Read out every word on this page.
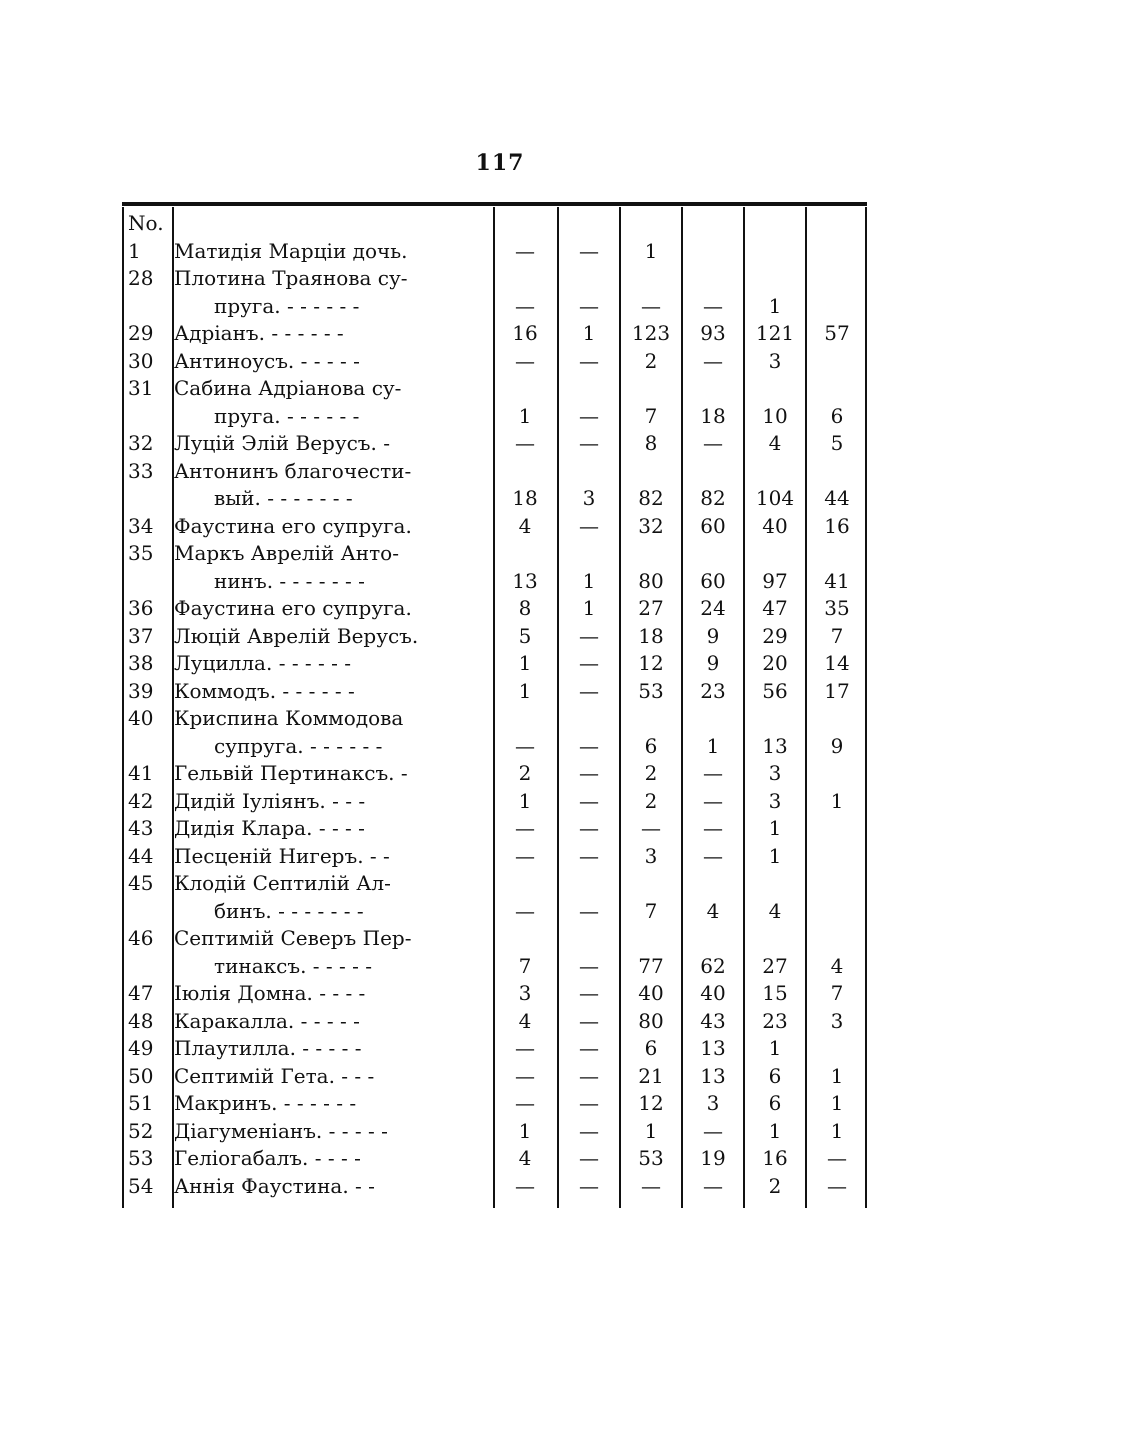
117
No.
1	Матидія Марціи дочь.	—	—	1
28	Плотина Траянова су-
пруга. - - - - - -	—	—	—	—	1
29	Адріанъ. - - - - - -	16	1	123	93	121	57
30	Антиноусъ. - - - - -	—	—	2	—	3
31	Сабина Адріанова су-
пруга. - - - - - -	1	—	7	18	10	6
32	Луцій Элій Верусъ. -	—	—	8	—	4	5
33	Антонинъ благочести-
вый. - - - - - - -	18	3	82	82	104	44
34	Фаустина его супруга.	4	—	32	60	40	16
35	Маркъ Аврелій Анто-
нинъ. - - - - - - -	13	1	80	60	97	41
36	Фаустина его супруга.	8	1	27	24	47	35
37	Люцій Аврелій Верусъ.	5	—	18	9	29	7
38	Луцилла. - - - - - -	1	—	12	9	20	14
39	Коммодъ. - - - - - -	1	—	53	23	56	17
40	Криспина Коммодова
супруга. - - - - - -	—	—	6	1	13	9
41	Гельвій Пертинаксъ. -	2	—	2	—	3
42	Дидій Іуліянъ. - - -	1	—	2	—	3	1
43	Дидія Клара. - - - -	—	—	—	—	1
44	Песценій Нигеръ. - -	—	—	3	—	1
45	Клодій Септилій Ал-
бинъ. - - - - - - -	—	—	7	4	4
46	Септимій Северъ Пер-
тинаксъ. - - - - -	7	—	77	62	27	4
47	Іюлія Домна. - - - -	3	—	40	40	15	7
48	Каракалла. - - - - -	4	—	80	43	23	3
49	Плаутилла. - - - - -	—	—	6	13	1
50	Септимій Гета. - - -	—	—	21	13	6	1
51	Макринъ. - - - - - -	—	—	12	3	6	1
52	Діагуменіанъ. - - - - -	1	—	1	—	1	1
53	Геліогабалъ. - - - -	4	—	53	19	16	—
54	Аннія Фаустина. - -	—	—	—	—	2	—
